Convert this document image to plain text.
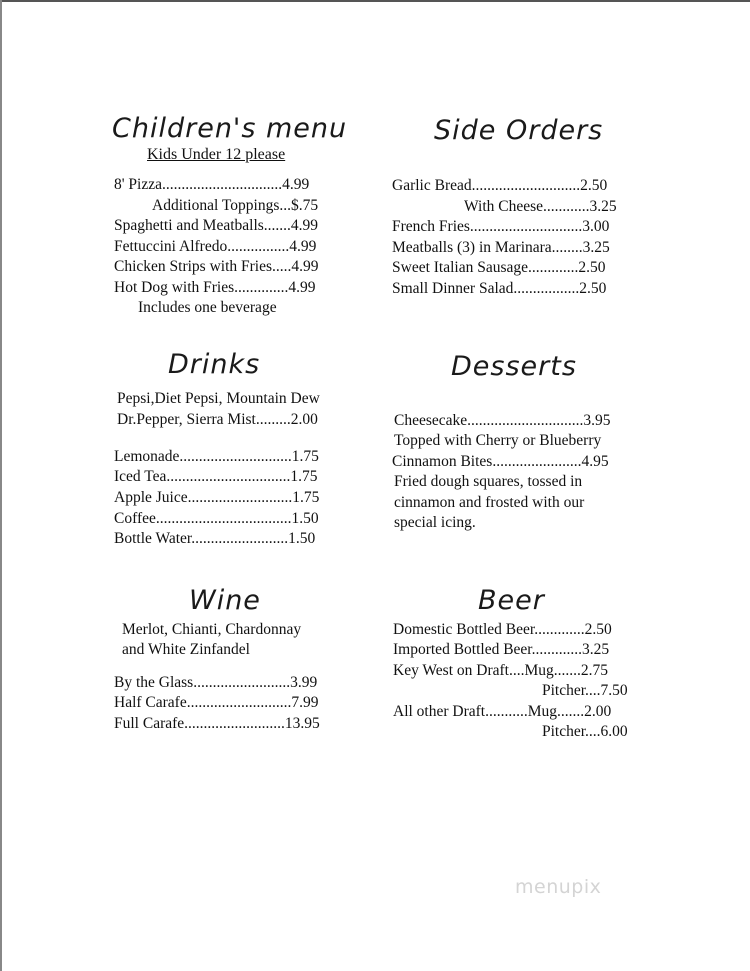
Children's menu
Kids Under 12 please
8' Pizza...............................4.99
Additional Toppings...$.75
Spaghetti and Meatballs.......4.99
Fettuccini Alfredo................4.99
Chicken Strips with Fries.....4.99
Hot Dog with Fries..............4.99
Includes one beverage
Side Orders
Garlic Bread............................2.50
With Cheese............3.25
French Fries.............................3.00
Meatballs (3) in Marinara........3.25
Sweet Italian Sausage.............2.50
Small Dinner Salad.................2.50
Drinks
Pepsi,Diet Pepsi, Mountain Dew
Dr.Pepper, Sierra Mist.........2.00
Lemonade.............................1.75
Iced Tea................................1.75
Apple Juice...........................1.75
Coffee...................................1.50
Bottle Water.........................1.50
Desserts
Cheesecake..............................3.95
Topped with Cherry or Blueberry
Cinnamon Bites.......................4.95
Fried dough squares, tossed in
cinnamon and frosted with our
special icing.
Wine
Merlot, Chianti, Chardonnay
and White Zinfandel
By the Glass.........................3.99
Half Carafe...........................7.99
Full Carafe..........................13.95
Beer
Domestic Bottled Beer.............2.50
Imported Bottled Beer.............3.25
Key West on Draft....Mug.......2.75
Pitcher....7.50
All other Draft...........Mug.......2.00
Pitcher....6.00
menupix
